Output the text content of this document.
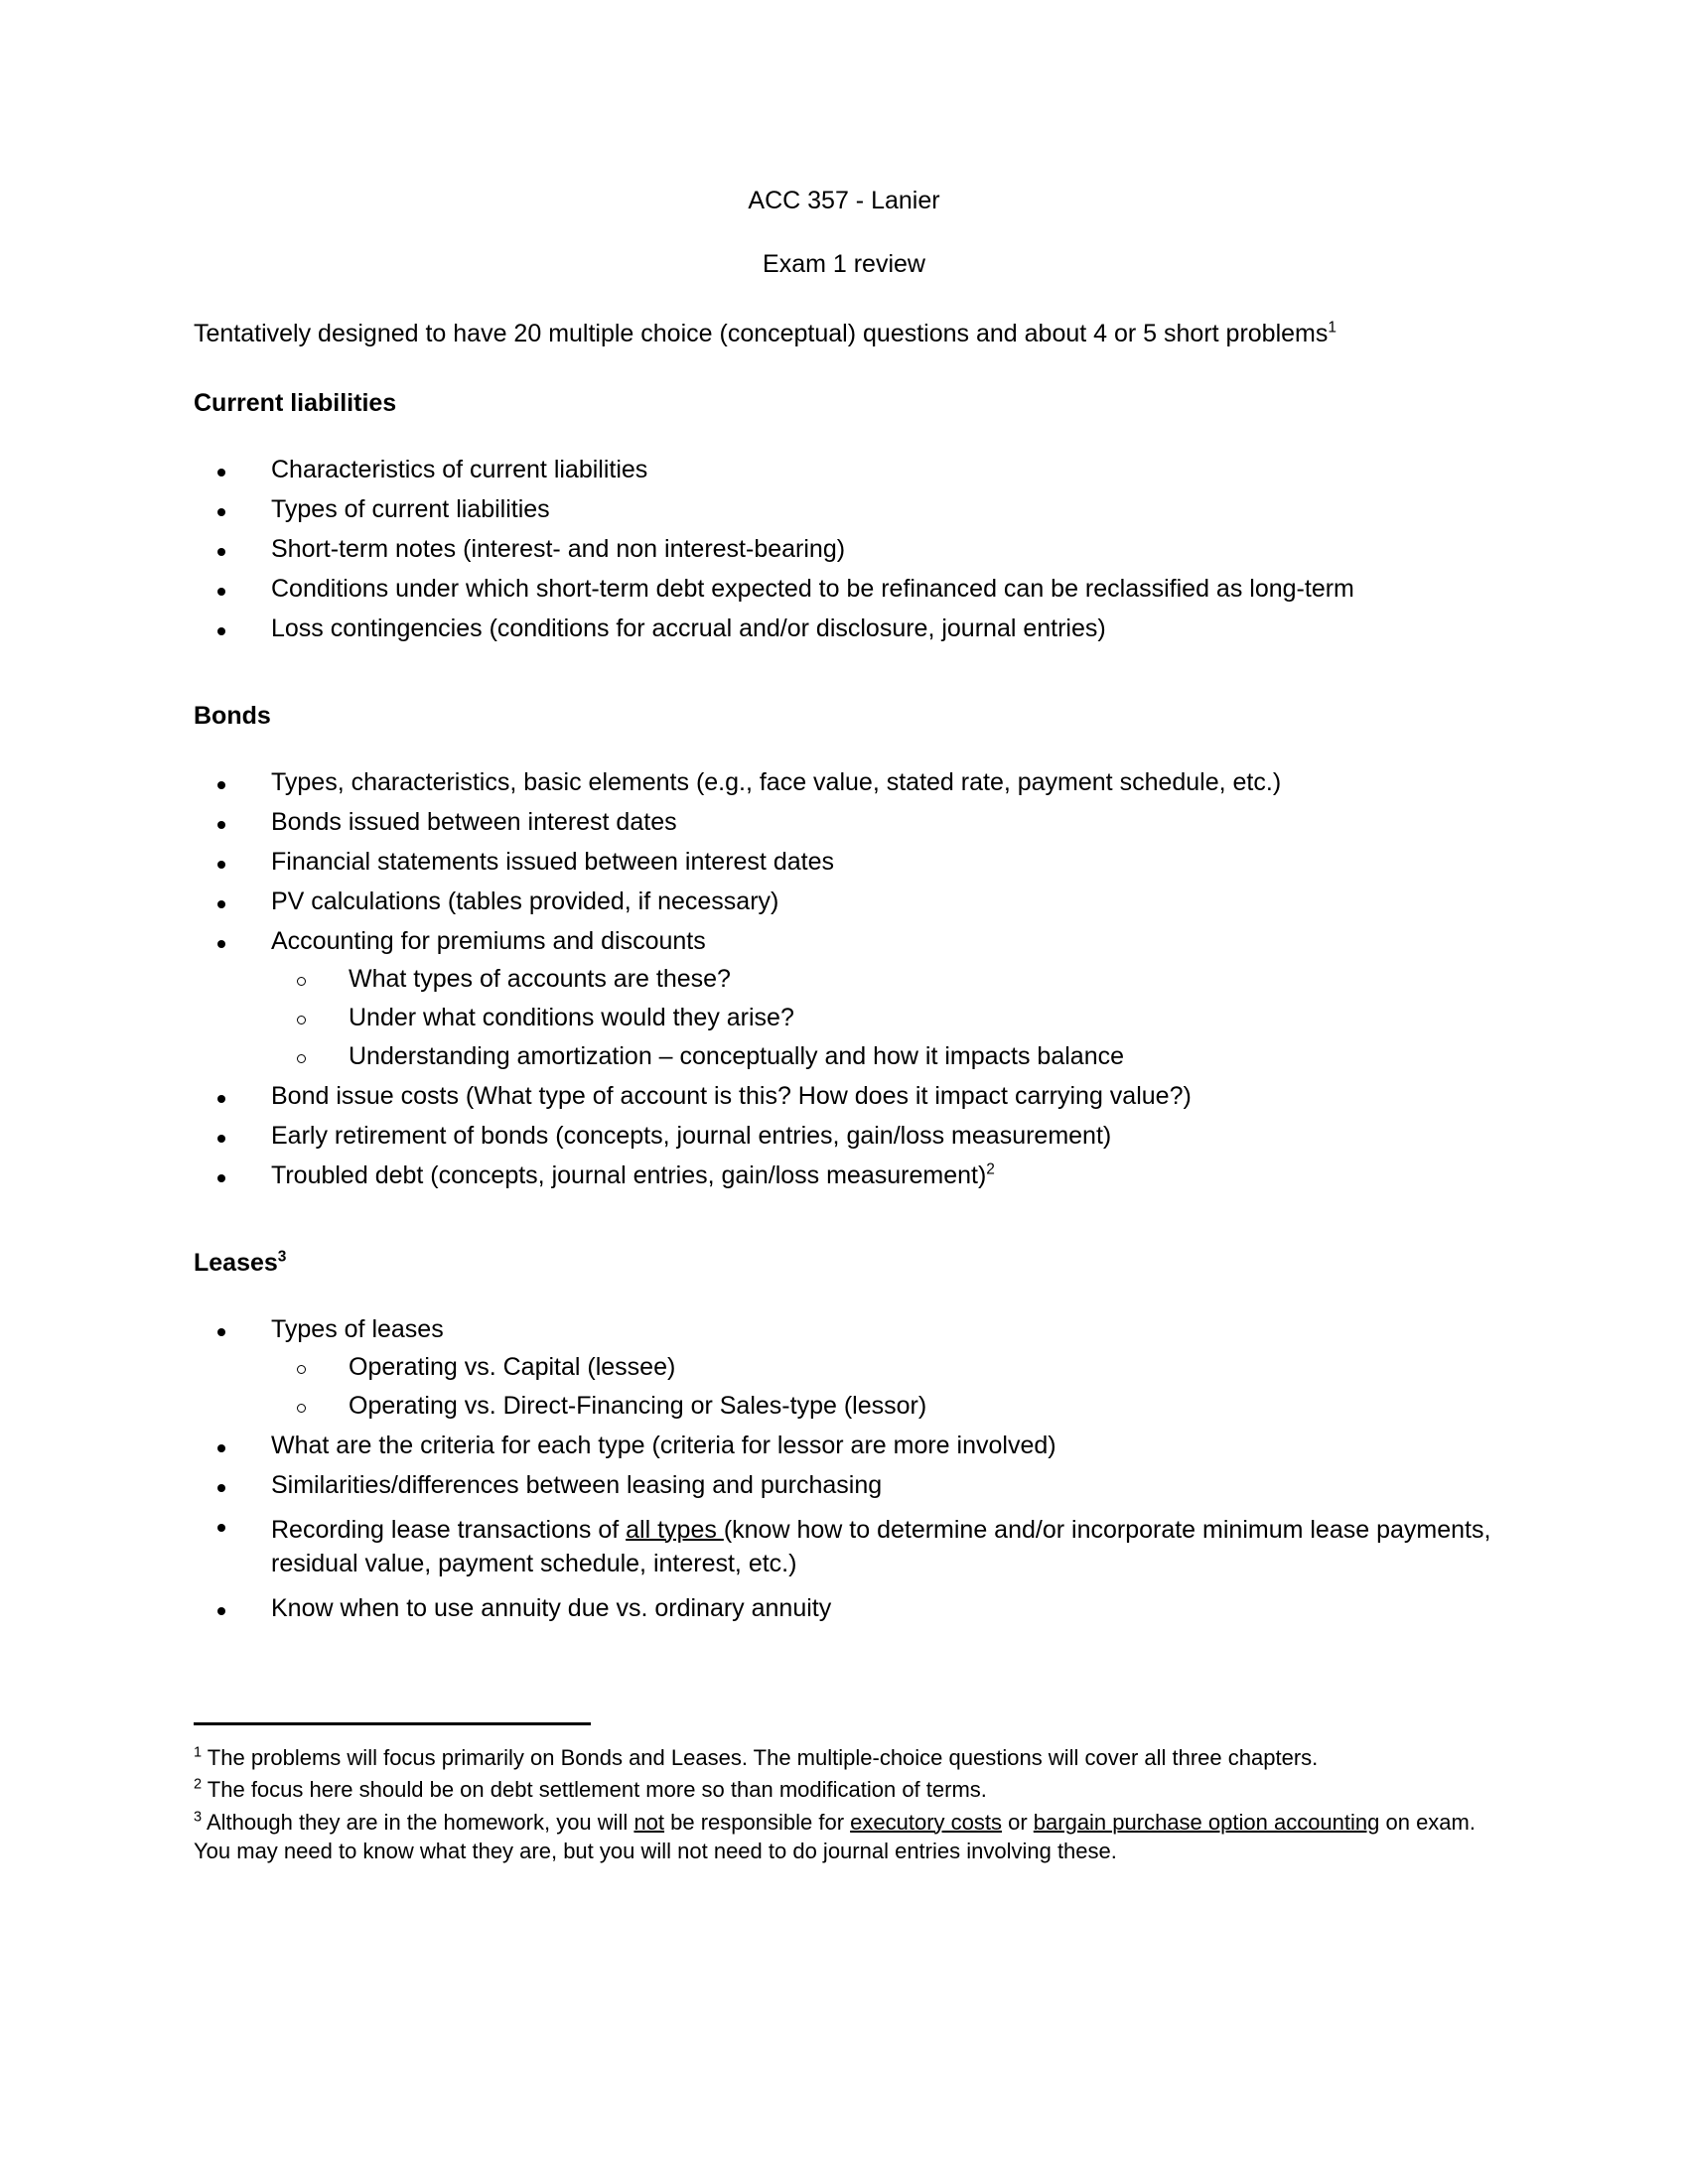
ACC 357 - Lanier

Exam 1 review

Tentatively designed to have 20 multiple choice (conceptual) questions and about 4 or 5 short problems$^1$

Current liabilities
Characteristics of current liabilities
Types of current liabilities
Short-term notes (interest- and non interest-bearing)
Conditions under which short-term debt expected to be refinanced can be reclassified as long-term
Loss contingencies (conditions for accrual and/or disclosure, journal entries)
Bonds
Types, characteristics, basic elements (e.g., face value, stated rate, payment schedule, etc.)
Bonds issued between interest dates
Financial statements issued between interest dates
PV calculations (tables provided, if necessary)
Accounting for premiums and discounts
What types of accounts are these?
Under what conditions would they arise?
Understanding amortization – conceptually and how it impacts balance
Bond issue costs (What type of account is this? How does it impact carrying value?)
Early retirement of bonds (concepts, journal entries, gain/loss measurement)
Troubled debt (concepts, journal entries, gain/loss measurement)$^2$
Leases$^3$
Types of leases
Operating vs. Capital (lessee)
Operating vs. Direct-Financing or Sales-type (lessor)
What are the criteria for each type (criteria for lessor are more involved)
Similarities/differences between leasing and purchasing
Recording lease transactions of all types (know how to determine and/or incorporate minimum lease payments, residual value, payment schedule, interest, etc.)
Know when to use annuity due vs. ordinary annuity

$^1$ The problems will focus primarily on Bonds and Leases. The multiple-choice questions will cover all three chapters.

$^2$ The focus here should be on debt settlement more so than modification of terms.

$^3$ Although they are in the homework, you will not be responsible for executory costs or bargain purchase option accounting on exam. You may need to know what they are, but you will not need to do journal entries involving these.
